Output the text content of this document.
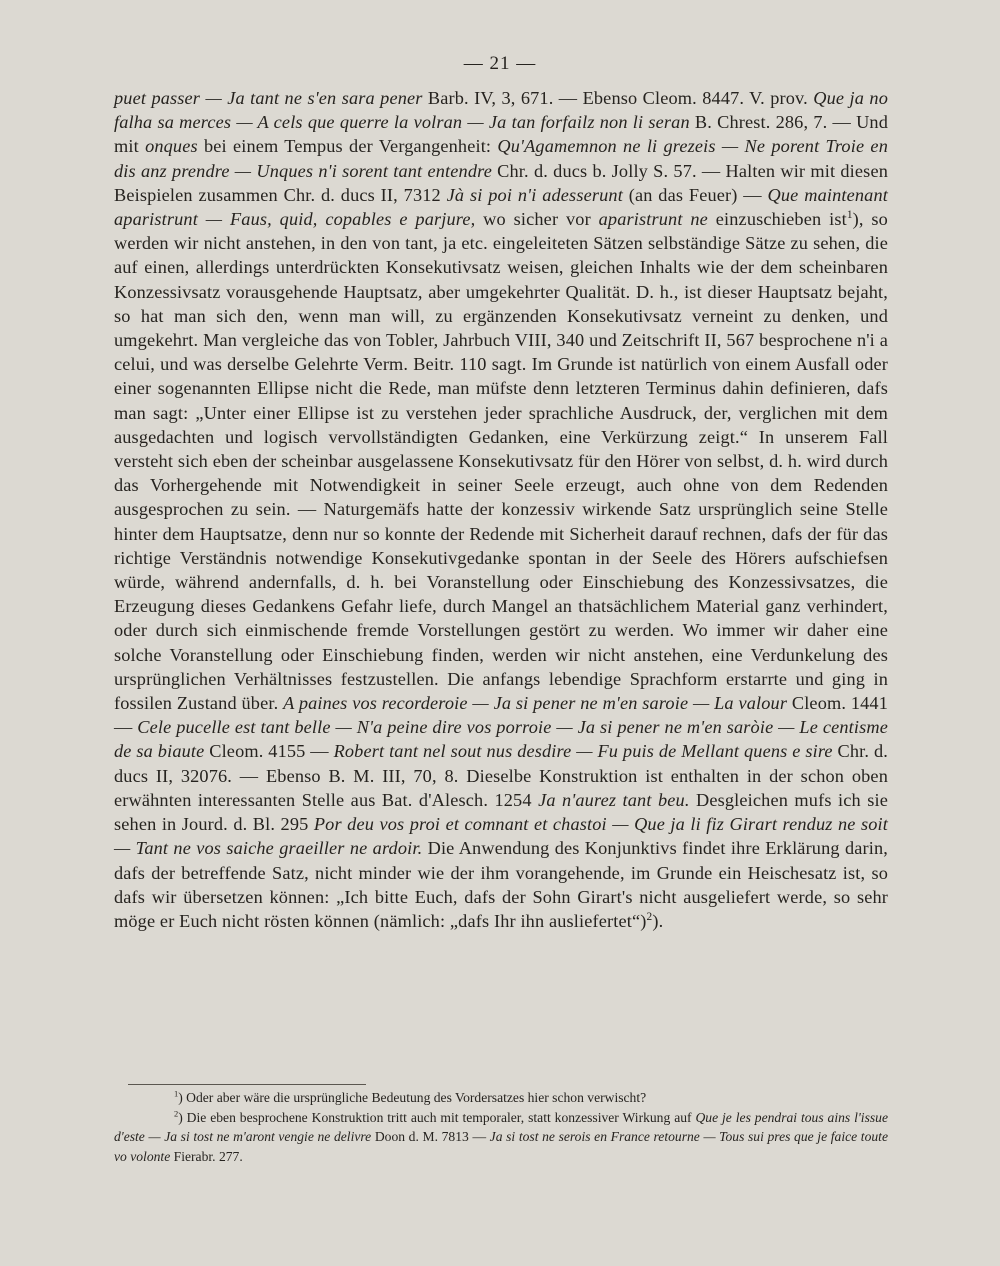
— 21 —
puet passer — Ja tant ne s'en sara pener Barb. IV, 3, 671. — Ebenso Cleom. 8447. V. prov. Que ja no falha sa merces — A cels que querre la volran — Ja tan forfailz non li seran B. Chrest. 286, 7. — Und mit onques bei einem Tempus der Vergangenheit: Qu'Agamemnon ne li grezeis — Ne porent Troie en dis anz prendre — Unques n'i sorent tant entendre Chr. d. ducs b. Jolly S. 57. — Halten wir mit diesen Beispielen zusammen Chr. d. ducs II, 7312 Jà si poi n'i adesserunt (an das Feuer) — Que maintenant aparistrunt — Faus, quid, copables e parjure, wo sicher vor aparistrunt ne einzuschieben ist$^1$), so werden wir nicht anstehen, in den von tant, ja etc. eingeleiteten Sätzen selbständige Sätze zu sehen, die auf einen, allerdings unterdrückten Konsekutivsatz weisen, gleichen Inhalts wie der dem scheinbaren Konzessivsatz vorausgehende Hauptsatz, aber umgekehrter Qualität. D. h., ist dieser Hauptsatz bejaht, so hat man sich den, wenn man will, zu ergänzenden Konsekutivsatz verneint zu denken, und umgekehrt. Man vergleiche das von Tobler, Jahrbuch VIII, 340 und Zeitschrift II, 567 besprochene n'i a celui, und was derselbe Gelehrte Verm. Beitr. 110 sagt. Im Grunde ist natürlich von einem Ausfall oder einer sogenannten Ellipse nicht die Rede, man müfste denn letzteren Terminus dahin definieren, dafs man sagt: „Unter einer Ellipse ist zu verstehen jeder sprachliche Ausdruck, der, verglichen mit dem ausgedachten und logisch vervollständigten Gedanken, eine Verkürzung zeigt.“ In unserem Fall versteht sich eben der scheinbar ausgelassene Konsekutivsatz für den Hörer von selbst, d. h. wird durch das Vorhergehende mit Notwendigkeit in seiner Seele erzeugt, auch ohne von dem Redenden ausgesprochen zu sein. — Naturgemäfs hatte der konzessiv wirkende Satz ursprünglich seine Stelle hinter dem Hauptsatze, denn nur so konnte der Redende mit Sicherheit darauf rechnen, dafs der für das richtige Verständnis notwendige Konsekutivgedanke spontan in der Seele des Hörers aufschiefsen würde, während andernfalls, d. h. bei Voranstellung oder Einschiebung des Konzessivsatzes, die Erzeugung dieses Gedankens Gefahr liefe, durch Mangel an thatsächlichem Material ganz verhindert, oder durch sich einmischende fremde Vorstellungen gestört zu werden. Wo immer wir daher eine solche Voranstellung oder Einschiebung finden, werden wir nicht anstehen, eine Verdunkelung des ursprünglichen Verhältnisses festzustellen. Die anfangs lebendige Sprachform erstarrte und ging in fossilen Zustand über. A paines vos recorderoie — Ja si pener ne m'en saroie — La valour Cleom. 1441 — Cele pucelle est tant belle — N'a peine dire vos porroie — Ja si pener ne m'en saròie — Le centisme de sa biaute Cleom. 4155 — Robert tant nel sout nus desdire — Fu puis de Mellant quens e sire Chr. d. ducs II, 32076. — Ebenso B. M. III, 70, 8. Dieselbe Konstruktion ist enthalten in der schon oben erwähnten interessanten Stelle aus Bat. d'Alesch. 1254 Ja n'aurez tant beu. Desgleichen mufs ich sie sehen in Jourd. d. Bl. 295 Por deu vos proi et comnant et chastoi — Que ja li fiz Girart renduz ne soit — Tant ne vos saiche graeiller ne ardoir. Die Anwendung des Konjunktivs findet ihre Erklärung darin, dafs der betreffende Satz, nicht minder wie der ihm vorangehende, im Grunde ein Heischesatz ist, so dafs wir übersetzen können: „Ich bitte Euch, dafs der Sohn Girart's nicht ausgeliefert werde, so sehr möge er Euch nicht rösten können (nämlich: „dafs Ihr ihn ausliefertet“)$^2$).

$^1$) Oder aber wäre die ursprüngliche Bedeutung des Vordersatzes hier schon verwischt?

$^2$) Die eben besprochene Konstruktion tritt auch mit temporaler, statt konzessiver Wirkung auf Que je les pendrai tous ains l'issue d'este — Ja si tost ne m'aront vengie ne delivre Doon d. M. 7813 — Ja si tost ne serois en France retourne — Tous sui pres que je faice toute vo volonte Fierabr. 277.
